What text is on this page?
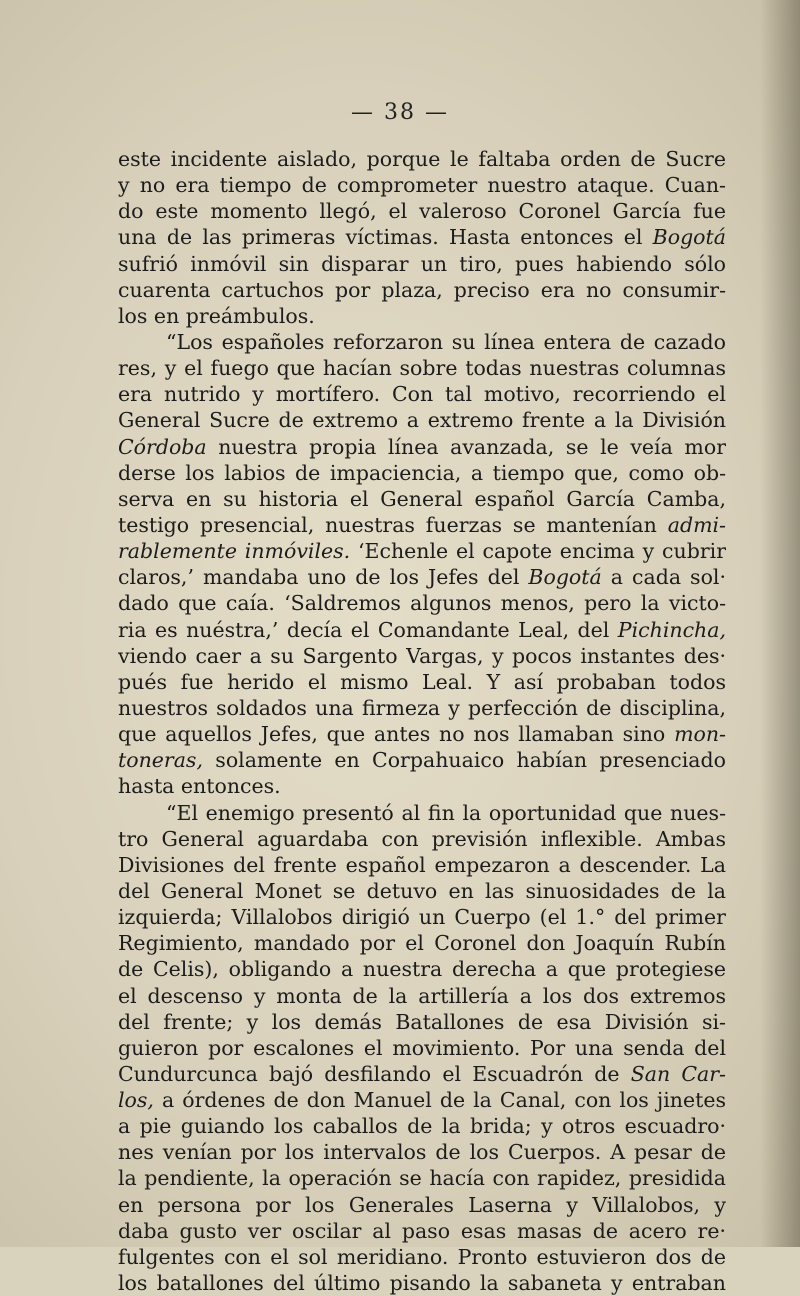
— 38 —
este incidente aislado, porque le faltaba orden de Sucre
y no era tiempo de comprometer nuestro ataque. Cuan-
do este momento llegó, el valeroso Coronel García fue
una de las primeras víctimas. Hasta entonces el Bogotá
sufrió inmóvil sin disparar un tiro, pues habiendo sólo
cuarenta cartuchos por plaza, preciso era no consumir-
los en preámbulos.
“Los españoles reforzaron su línea entera de cazado
res, y el fuego que hacían sobre todas nuestras columnas
era nutrido y mortífero. Con tal motivo, recorriendo el
General Sucre de extremo a extremo frente a la División
Córdoba nuestra propia línea avanzada, se le veía mor
derse los labios de impaciencia, a tiempo que, como ob-
serva en su historia el General español García Camba,
testigo presencial, nuestras fuerzas se mantenían admi-
rablemente inmóviles. ‘Echenle el capote encima y cubrir
claros,’ mandaba uno de los Jefes del Bogotá a cada sol·
dado que caía. ‘Saldremos algunos menos, pero la victo-
ria es nuéstra,’ decía el Comandante Leal, del Pichincha,
viendo caer a su Sargento Vargas, y pocos instantes des·
pués fue herido el mismo Leal. Y así probaban todos
nuestros soldados una firmeza y perfección de disciplina,
que aquellos Jefes, que antes no nos llamaban sino mon-
toneras, solamente en Corpahuaico habían presenciado
hasta entonces.
“El enemigo presentó al fin la oportunidad que nues-
tro General aguardaba con previsión inflexible. Ambas
Divisiones del frente español empezaron a descender. La
del General Monet se detuvo en las sinuosidades de la
izquierda; Villalobos dirigió un Cuerpo (el 1.° del primer
Regimiento, mandado por el Coronel don Joaquín Rubín
de Celis), obligando a nuestra derecha a que protegiese
el descenso y monta de la artillería a los dos extremos
del frente; y los demás Batallones de esa División si-
guieron por escalones el movimiento. Por una senda del
Cundurcunca bajó desfilando el Escuadrón de San Car-
los, a órdenes de don Manuel de la Canal, con los jinetes
a pie guiando los caballos de la brida; y otros escuadro·
nes venían por los intervalos de los Cuerpos. A pesar de
la pendiente, la operación se hacía con rapidez, presidida
en persona por los Generales Laserna y Villalobos, y
daba gusto ver oscilar al paso esas masas de acero re·
fulgentes con el sol meridiano. Pronto estuvieron dos de
los batallones del último pisando la sabaneta y entraban
